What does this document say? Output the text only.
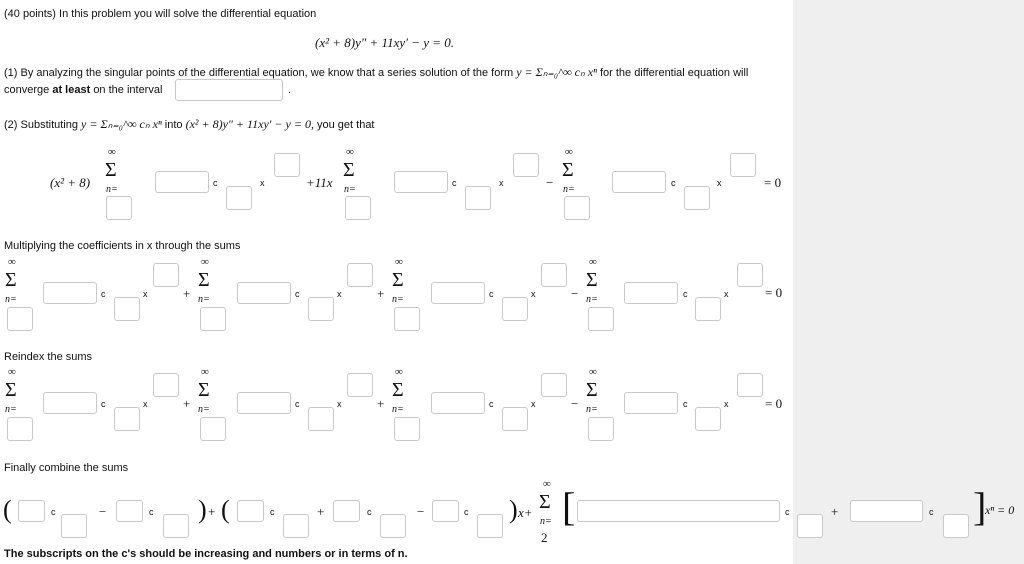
(40 points) In this problem you will solve the differential equation
(x² + 8)y″ + 11xy′ − y = 0.
(1) By analyzing the singular points of the differential equation, we know that a series solution of the form y = Σₙ₌₀^∞ cₙ xⁿ for the differential equation will
converge at least on the interval	.
(2) Substituting y = Σₙ₌₀^∞ cₙ xⁿ into (x² + 8)y″ + 11xy′ − y = 0, you get that
(x² + 8)
∞
Σ
n=
c	x	+11x
∞
Σ
n=
c	x	−
∞
Σ
n=
c	x	= 0
Multiplying the coefficients in x through the sums
∞
Σ
n=	c	x	+
∞
Σ
n=	c	x	+
∞
Σ
n=	c	x	−
∞
Σ
n=	c	x	= 0
Reindex the sums
∞
Σ
n=	c	x	+
∞
Σ
n=	c	x	+
∞
Σ
n=	c	x	−
∞
Σ
n=	c	x	= 0
Finally combine the sums
(	c	−	c ) + (	c	+	c	−	c ) x+
∞
Σ
n=
2
[	c
The subscripts on the c's should be increasing and numbers or in terms of n.
+	c ]
xⁿ = 0
